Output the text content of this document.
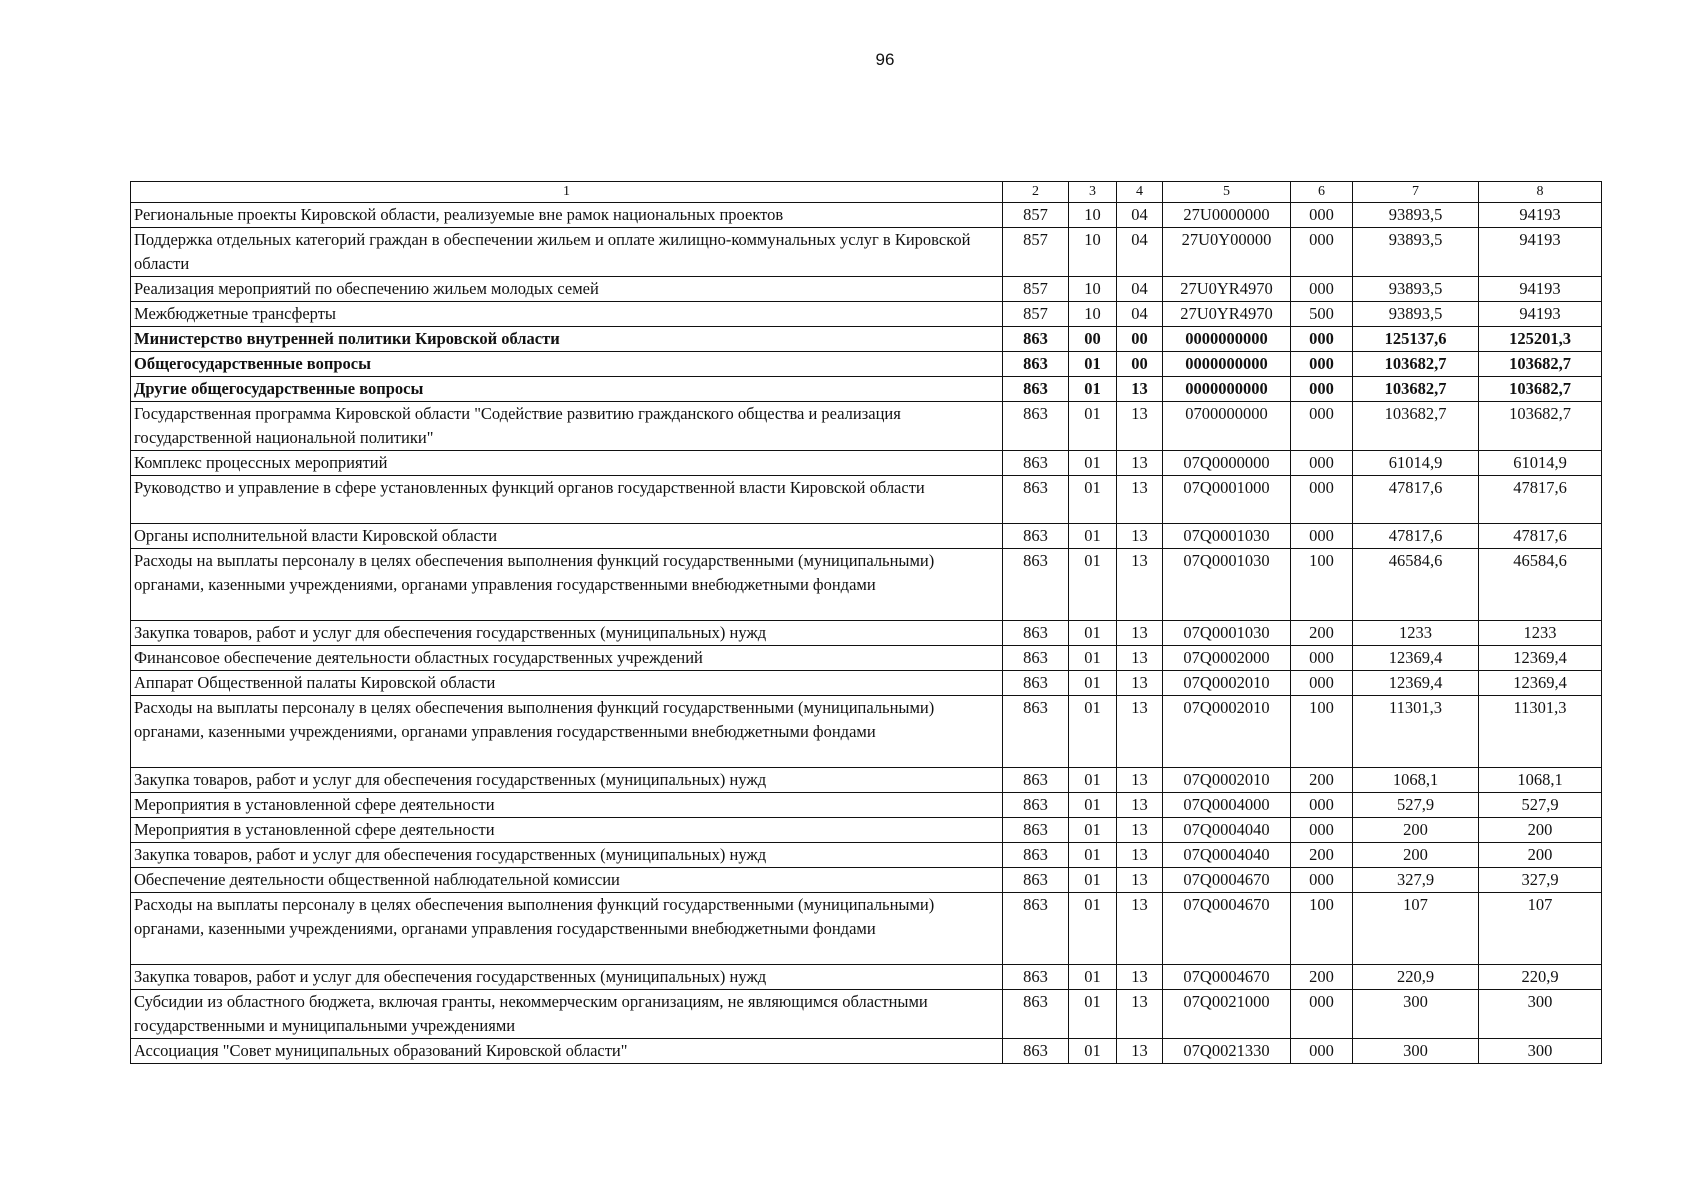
96
1	2	3	4	5	6	7	8
Региональные проекты Кировской области, реализуемые вне рамок национальных проектов	857	10	04	27U0000000	000	93893,5	94193
Поддержка отдельных категорий граждан в обеспечении жильем и оплате жилищно-коммунальных услуг в Кировской области	857	10	04	27U0Y00000	000	93893,5	94193
Реализация мероприятий по обеспечению жильем молодых семей	857	10	04	27U0YR4970	000	93893,5	94193
Межбюджетные трансферты	857	10	04	27U0YR4970	500	93893,5	94193
Министерство внутренней политики Кировской области	863	00	00	0000000000	000	125137,6	125201,3
Общегосударственные вопросы	863	01	00	0000000000	000	103682,7	103682,7
Другие общегосударственные вопросы	863	01	13	0000000000	000	103682,7	103682,7
Государственная программа Кировской области "Содействие развитию гражданского общества и реализация государственной национальной политики"	863	01	13	0700000000	000	103682,7	103682,7
Комплекс процессных мероприятий	863	01	13	07Q0000000	000	61014,9	61014,9
Руководство и управление в сфере установленных функций органов государственной власти Кировской области	863	01	13	07Q0001000	000	47817,6	47817,6
Органы исполнительной власти Кировской области	863	01	13	07Q0001030	000	47817,6	47817,6
Расходы на выплаты персоналу в целях обеспечения выполнения функций государственными (муниципальными) органами, казенными учреждениями, органами управления государственными внебюджетными фондами	863	01	13	07Q0001030	100	46584,6	46584,6
Закупка товаров, работ и услуг для обеспечения государственных (муниципальных) нужд	863	01	13	07Q0001030	200	1233	1233
Финансовое обеспечение деятельности областных государственных учреждений	863	01	13	07Q0002000	000	12369,4	12369,4
Аппарат Общественной палаты Кировской области	863	01	13	07Q0002010	000	12369,4	12369,4
Расходы на выплаты персоналу в целях обеспечения выполнения функций государственными (муниципальными) органами, казенными учреждениями, органами управления государственными внебюджетными фондами	863	01	13	07Q0002010	100	11301,3	11301,3
Закупка товаров, работ и услуг для обеспечения государственных (муниципальных) нужд	863	01	13	07Q0002010	200	1068,1	1068,1
Мероприятия в установленной сфере деятельности	863	01	13	07Q0004000	000	527,9	527,9
Мероприятия в установленной сфере деятельности	863	01	13	07Q0004040	000	200	200
Закупка товаров, работ и услуг для обеспечения государственных (муниципальных) нужд	863	01	13	07Q0004040	200	200	200
Обеспечение деятельности общественной наблюдательной комиссии	863	01	13	07Q0004670	000	327,9	327,9
Расходы на выплаты персоналу в целях обеспечения выполнения функций государственными (муниципальными) органами, казенными учреждениями, органами управления государственными внебюджетными фондами	863	01	13	07Q0004670	100	107	107
Закупка товаров, работ и услуг для обеспечения государственных (муниципальных) нужд	863	01	13	07Q0004670	200	220,9	220,9
Субсидии из областного бюджета, включая гранты, некоммерческим организациям, не являющимся областными государственными и муниципальными учреждениями	863	01	13	07Q0021000	000	300	300
Ассоциация "Совет муниципальных образований Кировской области"	863	01	13	07Q0021330	000	300	300
